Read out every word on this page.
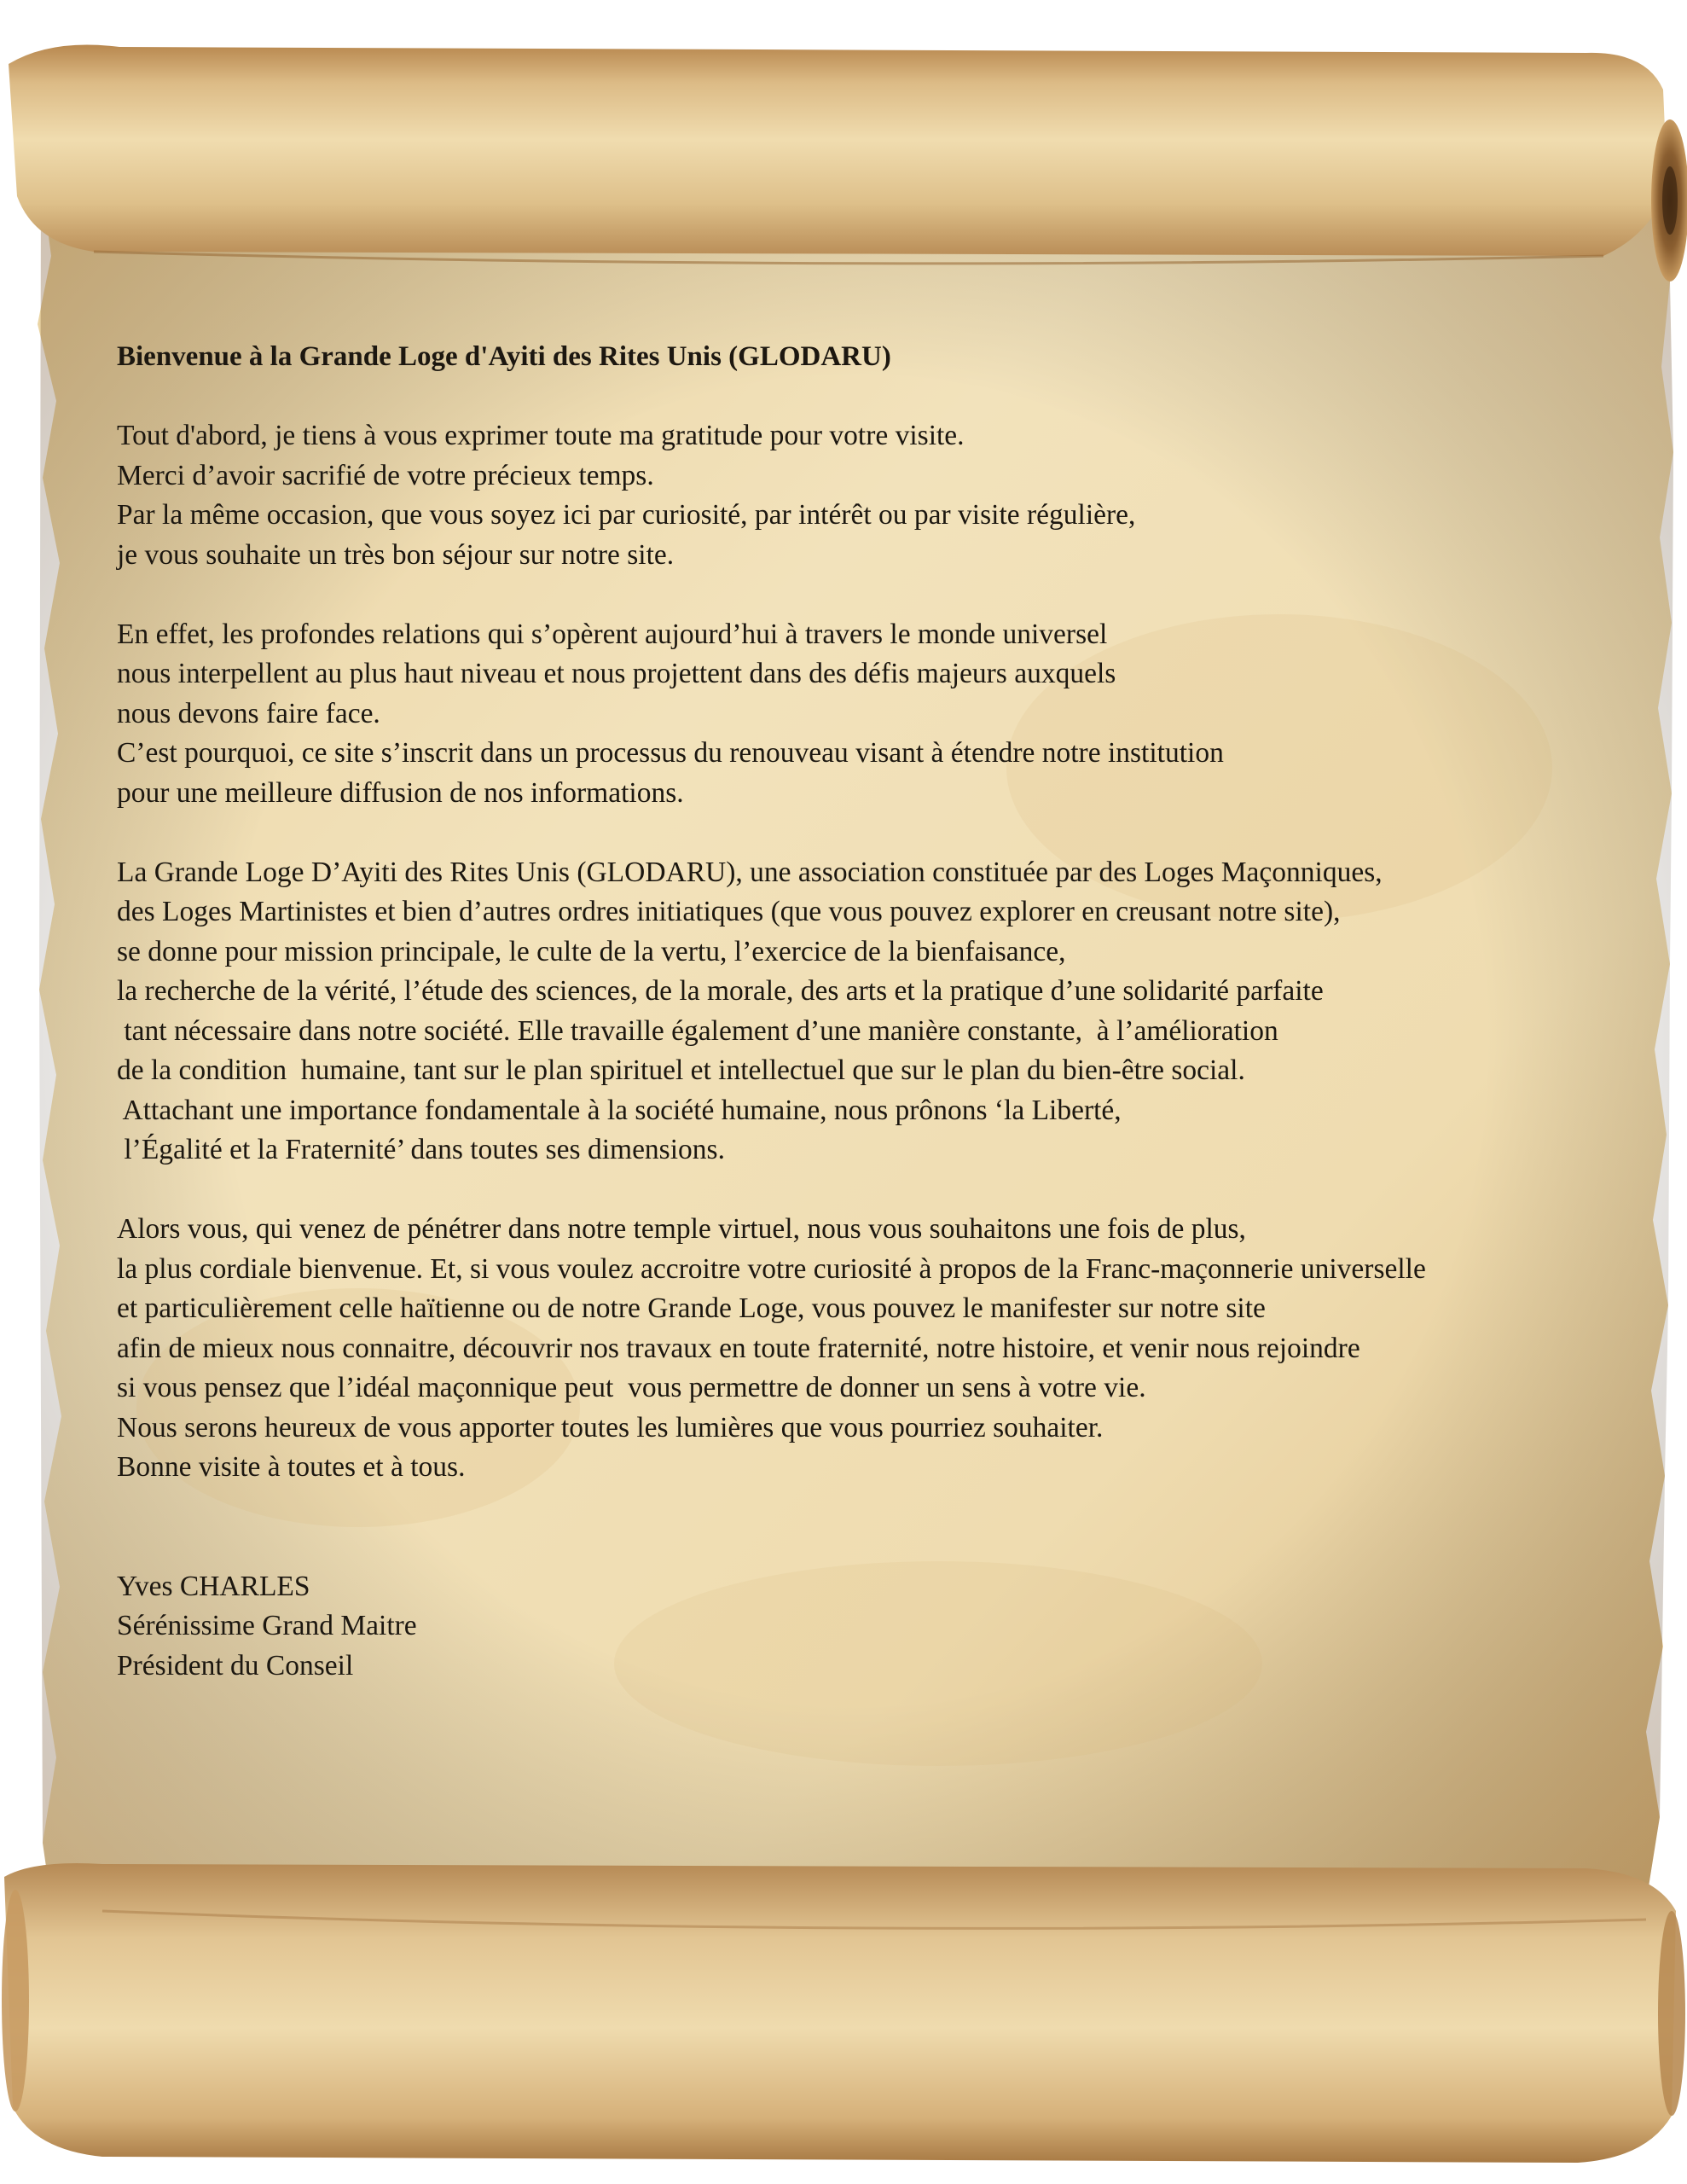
Bienvenue à la Grande Loge d'Ayiti des Rites Unis (GLODARU)
Tout d'abord, je tiens à vous exprimer toute ma gratitude pour votre visite.
Merci d’avoir sacrifié de votre précieux temps.
Par la même occasion, que vous soyez ici par curiosité, par intérêt ou par visite régulière,
je vous souhaite un très bon séjour sur notre site.
En effet, les profondes relations qui s’opèrent aujourd’hui à travers le monde universel
nous interpellent au plus haut niveau et nous projettent dans des défis majeurs auxquels
nous devons faire face.
C’est pourquoi, ce site s’inscrit dans un processus du renouveau visant à étendre notre institution
pour une meilleure diffusion de nos informations.
La Grande Loge D’Ayiti des Rites Unis (GLODARU), une association constituée par des Loges Maçonniques,
des Loges Martinistes et bien d’autres ordres initiatiques (que vous pouvez explorer en creusant notre site),
se donne pour mission principale, le culte de la vertu, l’exercice de la bienfaisance,
la recherche de la vérité, l’étude des sciences, de la morale, des arts et la pratique d’une solidarité parfaite
tant nécessaire dans notre société. Elle travaille également d’une manière constante,  à l’amélioration
de la condition  humaine, tant sur le plan spirituel et intellectuel que sur le plan du bien-être social.
Attachant une importance fondamentale à la société humaine, nous prônons ‘la Liberté,
l’Égalité et la Fraternité’ dans toutes ses dimensions.
Alors vous, qui venez de pénétrer dans notre temple virtuel, nous vous souhaitons une fois de plus,
la plus cordiale bienvenue. Et, si vous voulez accroitre votre curiosité à propos de la Franc-maçonnerie universelle
et particulièrement celle haïtienne ou de notre Grande Loge, vous pouvez le manifester sur notre site
afin de mieux nous connaitre, découvrir nos travaux en toute fraternité, notre histoire, et venir nous rejoindre
si vous pensez que l’idéal maçonnique peut  vous permettre de donner un sens à votre vie.
Nous serons heureux de vous apporter toutes les lumières que vous pourriez souhaiter.
Bonne visite à toutes et à tous.
Yves CHARLES
Sérénissime Grand Maitre
Président du Conseil
